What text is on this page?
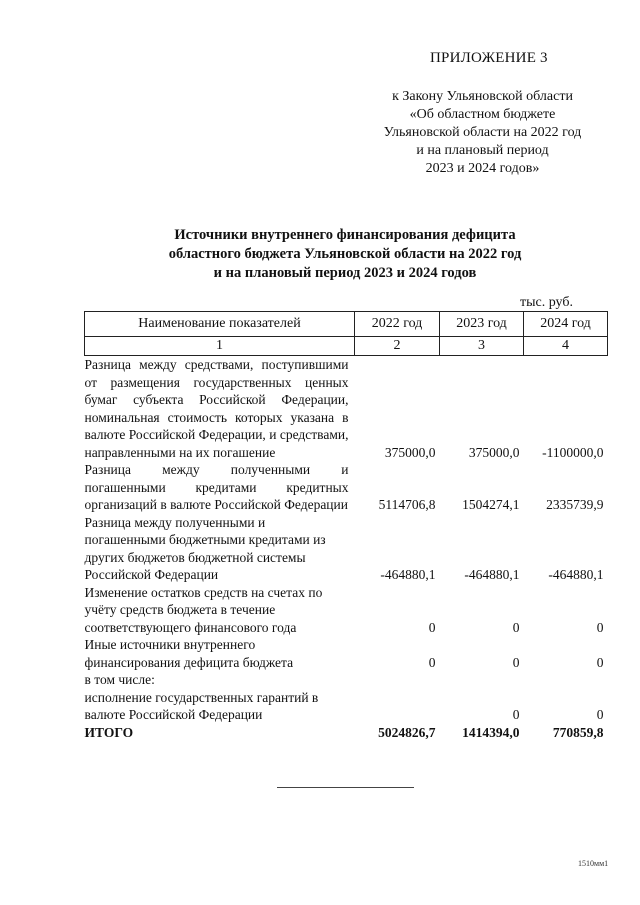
ПРИЛОЖЕНИЕ 3
к Закону Ульяновской области
«Об областном бюджете
Ульяновской области на 2022 год
и на плановый период
2023 и 2024 годов»
Источники внутреннего финансирования дефицита
областного бюджета Ульяновской области на 2022 год
и на плановый период 2023 и 2024 годов
тыс. руб.
Наименование показателей	2022 год	2023 год	2024 год
1	2	3	4
Разница между средствами, поступившими от размещения государственных ценных бумаг субъекта Российской Федерации, номинальная стоимость которых указана в валюте Российской Федерации, и средствами, направленными на их погашение	375000,0	375000,0	-1100000,0
Разница между полученными и погашенными кредитами кредитных организаций в валюте Российской Федерации	5114706,8	1504274,1	2335739,9
Разница между полученными и погашенными бюджетными кредитами из других бюджетов бюджетной системы Российской Федерации	-464880,1	-464880,1	-464880,1
Изменение остатков средств на счетах по учёту средств бюджета в течение соответствующего финансового года	0	0	0
Иные источники внутреннего финансирования дефицита бюджета	0	0	0
в том числе:			
исполнение государственных гарантий в валюте Российской Федерации		0	0
ИТОГО	5024826,7	1414394,0	770859,8
1510мм1
